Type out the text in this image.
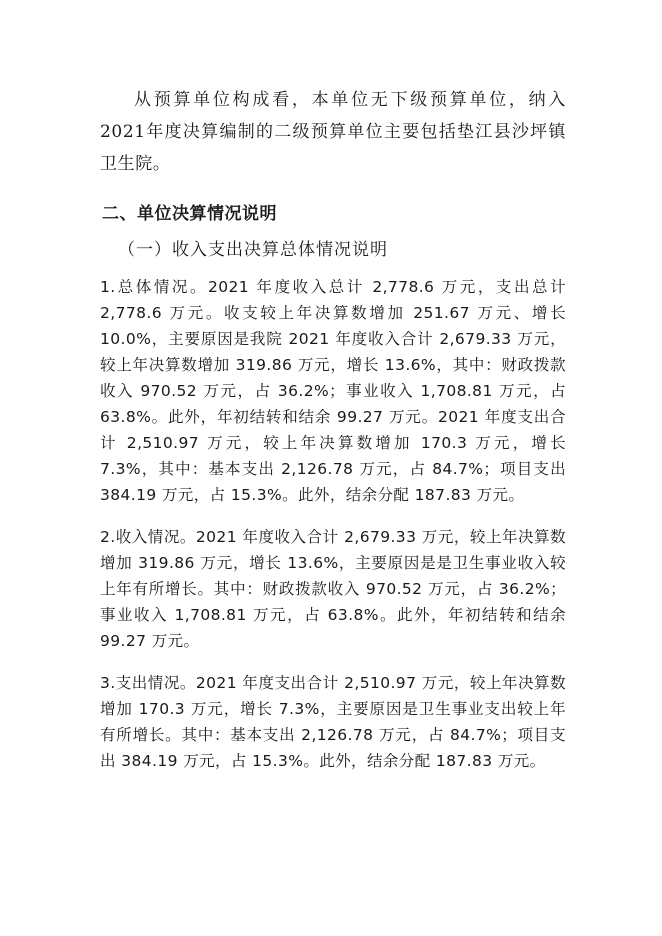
从预算单位构成看，本单位无下级预算单位，纳入2021年度决算编制的二级预算单位主要包括垫江县沙坪镇卫生院。

二、单位决算情况说明
（一）收入支出决算总体情况说明

1.总体情况。2021 年度收入总计 2,778.6 万元，支出总计 2,778.6 万元。收支较上年决算数增加 251.67 万元、增长 10.0%，主要原因是我院 2021 年度收入合计 2,679.33 万元，较上年决算数增加 319.86 万元，增长 13.6%，其中：财政拨款收入 970.52 万元，占 36.2%；事业收入 1,708.81 万元，占 63.8%。此外，年初结转和结余 99.27 万元。2021 年度支出合计 2,510.97 万元，较上年决算数增加 170.3 万元，增长 7.3%，其中：基本支出 2,126.78 万元，占 84.7%；项目支出 384.19 万元，占 15.3%。此外，结余分配 187.83 万元。

2.收入情况。2021 年度收入合计 2,679.33 万元，较上年决算数增加 319.86 万元，增长 13.6%，主要原因是是卫生事业收入较上年有所增长。其中：财政拨款收入 970.52 万元，占 36.2%；事业收入 1,708.81 万元，占 63.8%。此外，年初结转和结余 99.27 万元。

3.支出情况。2021 年度支出合计 2,510.97 万元，较上年决算数增加 170.3 万元，增长 7.3%，主要原因是卫生事业支出较上年有所增长。其中：基本支出 2,126.78 万元，占 84.7%；项目支出 384.19 万元，占 15.3%。此外，结余分配 187.83 万元。
